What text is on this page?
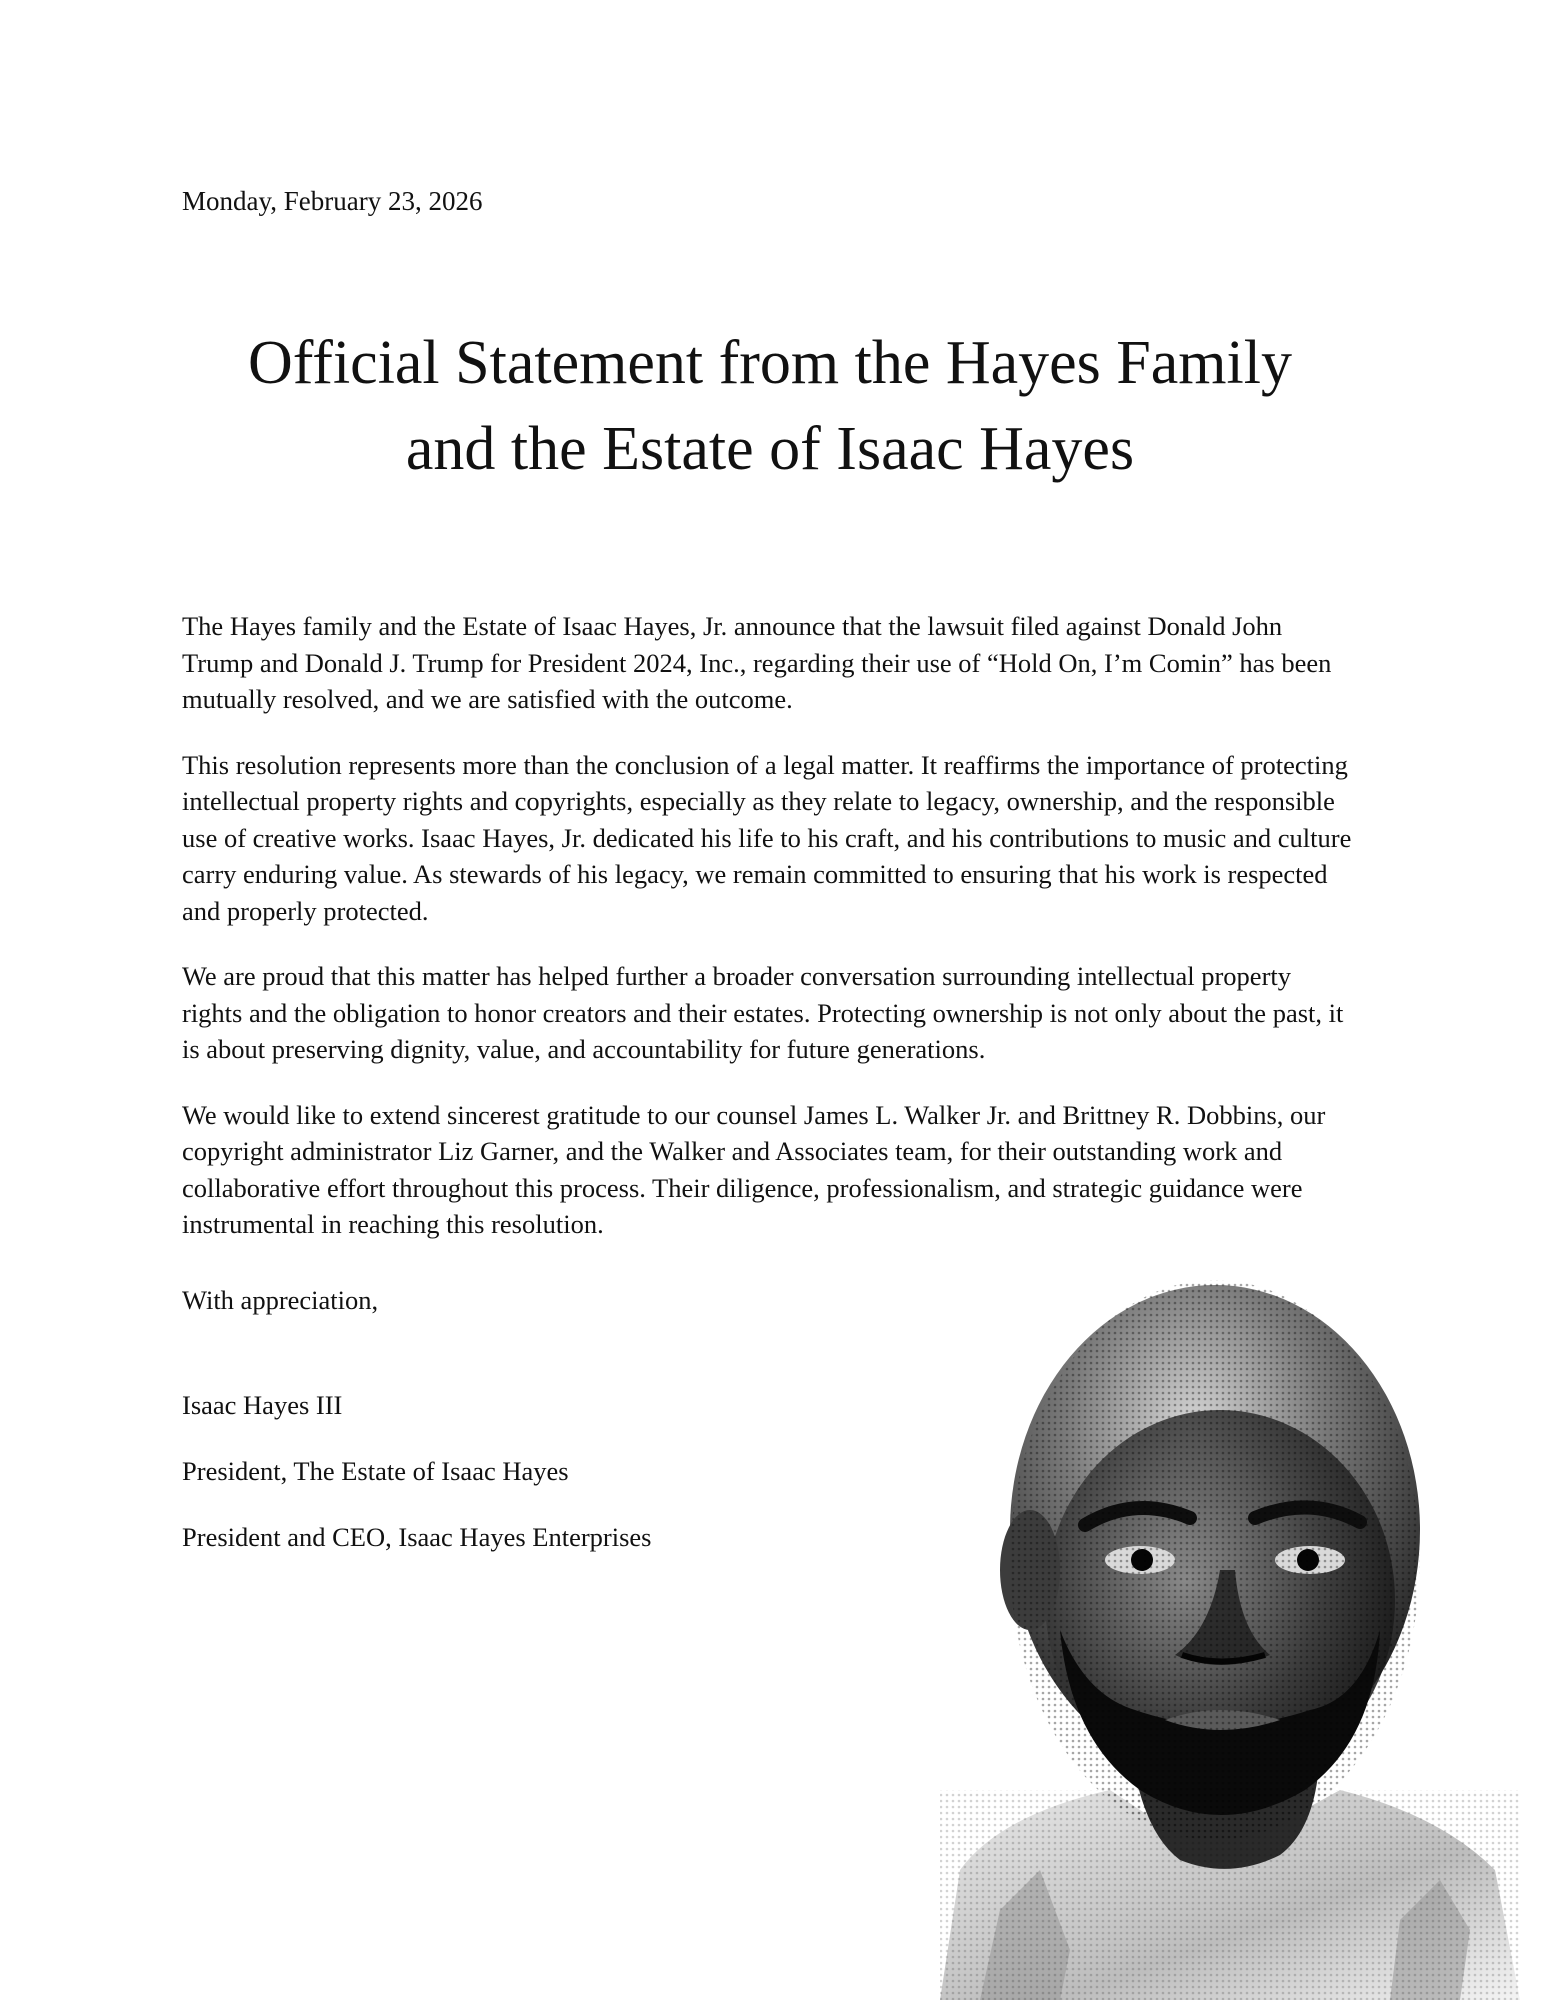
Monday, February 23, 2026

Official Statement from the Hayes Family
and the Estate of Isaac Hayes

The Hayes family and the Estate of Isaac Hayes, Jr. announce that the lawsuit filed against Donald John Trump and Donald J. Trump for President 2024, Inc., regarding their use of “Hold On, I’m Comin” has been mutually resolved, and we are satisfied with the outcome.

This resolution represents more than the conclusion of a legal matter. It reaffirms the importance of protecting intellectual property rights and copyrights, especially as they relate to legacy, ownership, and the responsible use of creative works. Isaac Hayes, Jr. dedicated his life to his craft, and his contributions to music and culture carry enduring value. As stewards of his legacy, we remain committed to ensuring that his work is respected and properly protected.

We are proud that this matter has helped further a broader conversation surrounding intellectual property rights and the obligation to honor creators and their estates. Protecting ownership is not only about the past, it is about preserving dignity, value, and accountability for future generations.

We would like to extend sincerest gratitude to our counsel James L. Walker Jr. and Brittney R. Dobbins, our copyright administrator Liz Garner, and the Walker and Associates team, for their outstanding work and collaborative effort throughout this process. Their diligence, professionalism, and strategic guidance were instrumental in reaching this resolution.

With appreciation,

Isaac Hayes III

President, The Estate of Isaac Hayes

President and CEO, Isaac Hayes Enterprises
